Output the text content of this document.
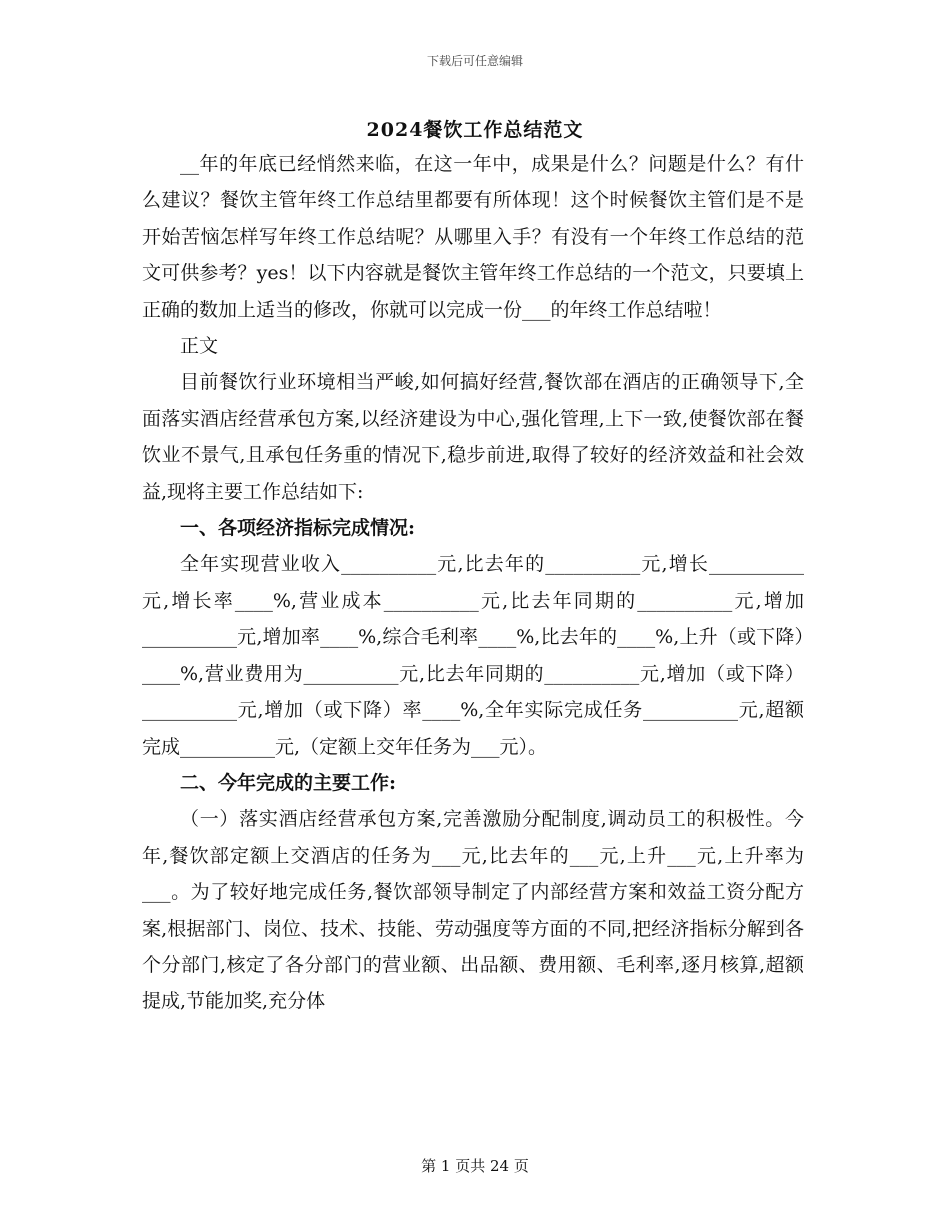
下载后可任意编辑
2024餐饮工作总结范文

__年的年底已经悄然来临，在这一年中，成果是什么？问题是什么？有什么建议？餐饮主管年终工作总结里都要有所体现！这个时候餐饮主管们是不是开始苦恼怎样写年终工作总结呢？从哪里入手？有没有一个年终工作总结的范文可供参考？yes！以下内容就是餐饮主管年终工作总结的一个范文，只要填上正确的数加上适当的修改，你就可以完成一份___的年终工作总结啦！

正文

目前餐饮行业环境相当严峻,如何搞好经营,餐饮部在酒店的正确领导下,全面落实酒店经营承包方案,以经济建设为中心,强化管理,上下一致,使餐饮部在餐饮业不景气,且承包任务重的情况下,稳步前进,取得了较好的经济效益和社会效益,现将主要工作总结如下:

一、各项经济指标完成情况:

全年实现营业收入__________元,比去年的__________元,增长__________元,增长率____%,营业成本__________元,比去年同期的__________元,增加__________元,增加率____%,综合毛利率____%,比去年的____%,上升（或下降）____%,营业费用为__________元,比去年同期的__________元,增加（或下降）__________元,增加（或下降）率____%,全年实际完成任务__________元,超额完成__________元,（定额上交年任务为___元）。

二、今年完成的主要工作:

（一）落实酒店经营承包方案,完善激励分配制度,调动员工的积极性。今年,餐饮部定额上交酒店的任务为___元,比去年的___元,上升___元,上升率为___。为了较好地完成任务,餐饮部领导制定了内部经营方案和效益工资分配方案,根据部门、岗位、技术、技能、劳动强度等方面的不同,把经济指标分解到各个分部门,核定了各分部门的营业额、出品额、费用额、毛利率,逐月核算,超额提成,节能加奖,充分体

第 1 页共 24 页
